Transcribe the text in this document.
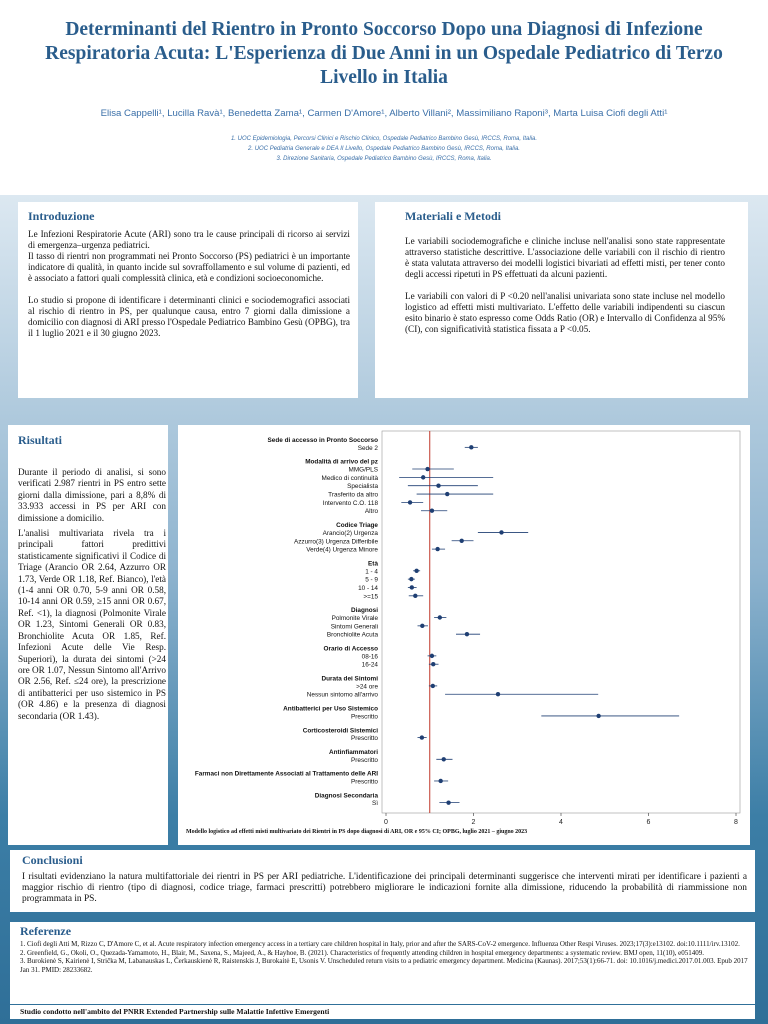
Determinanti del Rientro in Pronto Soccorso Dopo una Diagnosi di Infezione Respiratoria Acuta: L'Esperienza di Due Anni in un Ospedale Pediatrico di Terzo Livello in Italia
Elisa Cappelli¹, Lucilla Ravà¹, Benedetta Zama¹, Carmen D'Amore¹, Alberto Villani², Massimiliano Raponi³, Marta Luisa Ciofi degli Atti¹
1. UOC Epidemiologia, Percorsi Clinici e Rischio Clinico, Ospedale Pediatrico Bambino Gesù, IRCCS, Roma, Italia.
2. UOC Pediatria Generale e DEA II Livello, Ospedale Pediatrico Bambino Gesù, IRCCS, Roma, Italia.
3. Direzione Sanitaria, Ospedale Pediatrico Bambino Gesù, IRCCS, Roma, Italia.
Introduzione

Le Infezioni Respiratorie Acute (ARI) sono tra le cause principali di ricorso ai servizi di emergenza–urgenza pediatrici.

Il tasso di rientri non programmati nei Pronto Soccorso (PS) pediatrici è un importante indicatore di qualità, in quanto incide sul sovraffollamento e sul volume di pazienti, ed è associato a fattori quali complessità clinica, età e condizioni socioeconomiche.

Lo studio si propone di identificare i determinanti clinici e sociodemografici associati al rischio di rientro in PS, per qualunque causa, entro 7 giorni dalla dimissione a domicilio con diagnosi di ARI presso l'Ospedale Pediatrico Bambino Gesù (OPBG), tra il 1 luglio 2021 e il 30 giugno 2023.

Materiali e Metodi

Le variabili sociodemografiche e cliniche incluse nell'analisi sono state rappresentate attraverso statistiche descrittive. L'associazione delle variabili con il rischio di rientro è stata valutata attraverso dei modelli logistici bivariati ad effetti misti, per tener conto degli accessi ripetuti in PS effettuati da alcuni pazienti.

Le variabili con valori di P <0.20 nell'analisi univariata sono state incluse nel modello logistico ad effetti misti multivariato. L'effetto delle variabili indipendenti su ciascun esito binario è stato espresso come Odds Ratio (OR) e Intervallo di Confidenza al 95% (CI), con significatività statistica fissata a P <0.05.

Risultati

Durante il periodo di analisi, si sono verificati 2.987 rientri in PS entro sette giorni dalla dimissione, pari a 8,8% di 33.933 accessi in PS per ARI con dimissione a domicilio.

L'analisi multivariata rivela tra i principali fattori predittivi statisticamente significativi il Codice di Triage (Arancio OR 2.64, Azzurro OR 1.73, Verde OR 1.18, Ref. Bianco), l'età (1-4 anni OR 0.70, 5-9 anni OR 0.58, 10-14 anni OR 0.59, ≥15 anni OR 0.67, Ref. <1), la diagnosi (Polmonite Virale OR 1.23, Sintomi Generali OR 0.83, Bronchiolite Acuta OR 1.85, Ref. Infezioni Acute delle Vie Resp. Superiori), la durata dei sintomi (>24 ore OR 1.07, Nessun Sintomo all'Arrivo OR 2.56, Ref. ≤24 ore), la prescrizione di antibatterici per uso sistemico in PS (OR 4.86) e la presenza di diagnosi secondaria (OR 1.43).

0	2	4	6	8
Sede di accesso in Pronto Soccorso
Sede 2
Modalità di arrivo del pz
MMG/PLS
Medico di continuità
Specialista
Trasferito da altro
Intervento C.O. 118
Altro
Codice Triage
Arancio(2) Urgenza
Azzurro(3) Urgenza Differibile
Verde(4) Urgenza Minore
Età
1 - 4
5 - 9
10 - 14
>=15
Diagnosi
Polmonite Virale
Sintomi Generali
Bronchiolite Acuta
Orario di Accesso
08-16
16-24
Durata dei Sintomi
>24 ore
Nessun sintomo all'arrivo
Antibatterici per Uso Sistemico
Prescritto
Corticosteroidi Sistemici
Prescritto
Antinfiammatori
Prescritto
Farmaci non Direttamente Associati al Trattamento delle ARI
Prescritto
Diagnosi Secondaria
Sì
Modello logistico ad effetti misti multivariato dei Rientri in PS dopo diagnosi di ARI, OR e 95% CI; OPBG, luglio 2021 – giugno 2023
Conclusioni

I risultati evidenziano la natura multifattoriale dei rientri in PS per ARI pediatriche. L'identificazione dei principali determinanti suggerisce che interventi mirati per identificare i pazienti a maggior rischio di rientro (tipo di diagnosi, codice triage, farmaci prescritti) potrebbero migliorare le indicazioni fornite alla dimissione, riducendo la probabilità di riammissione non programmata in PS.

Referenze
1. Ciofi degli Atti M, Rizzo C, D'Amore C, et al. Acute respiratory infection emergency access in a tertiary care children hospital in Italy, prior and after the SARS-CoV-2 emergence. Influenza Other Respi Viruses. 2023;17(3):e13102. doi:10.1111/irv.13102.
2. Greenfield, G., Okoli, O., Quezada-Yamamoto, H., Blair, M., Saxena, S., Majeed, A., & Hayhoe, B. (2021). Characteristics of frequently attending children in hospital emergency departments: a systematic review. BMJ open, 11(10), e051409.
3. Burokienė S, Kairienė I, Strička M, Labanauskas L, Čerkauskienė R, Raistenskis J, Burokaitė E, Usonis V. Unscheduled return visits to a pediatric emergency department. Medicina (Kaunas). 2017;53(1):66-71. doi: 10.1016/j.medici.2017.01.003. Epub 2017 Jan 31. PMID: 28233682.
Studio condotto nell'ambito del PNRR Extended Partnership sulle Malattie Infettive Emergenti
